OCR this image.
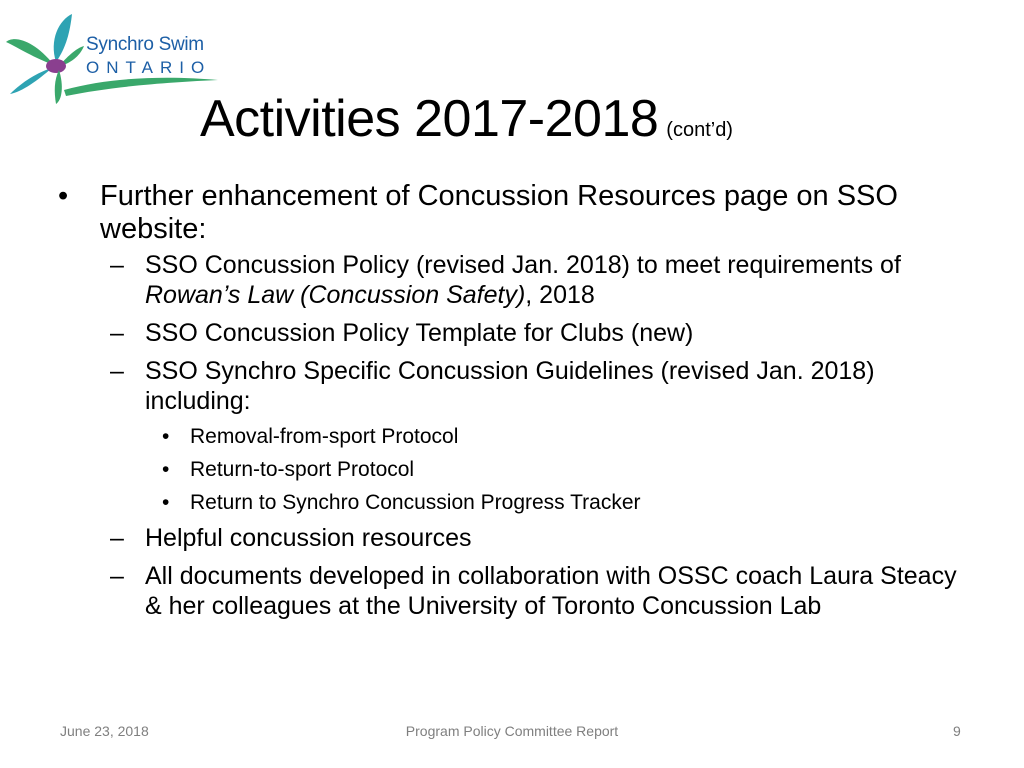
Synchro Swim
ONTARIO
Activities 2017-2018 (cont’d)
• Further enhancement of Concussion Resources page on SSO website:
– SSO Concussion Policy (revised Jan. 2018) to meet requirements of Rowan’s Law (Concussion Safety), 2018
– SSO Concussion Policy Template for Clubs (new)
– SSO Synchro Specific Concussion Guidelines (revised Jan. 2018) including:
• Removal-from-sport Protocol
• Return-to-sport Protocol
• Return to Synchro Concussion Progress Tracker
– Helpful concussion resources
– All documents developed in collaboration with OSSC coach Laura Steacy & her colleagues at the University of Toronto Concussion Lab
June 23, 2018	Program Policy Committee Report	9
